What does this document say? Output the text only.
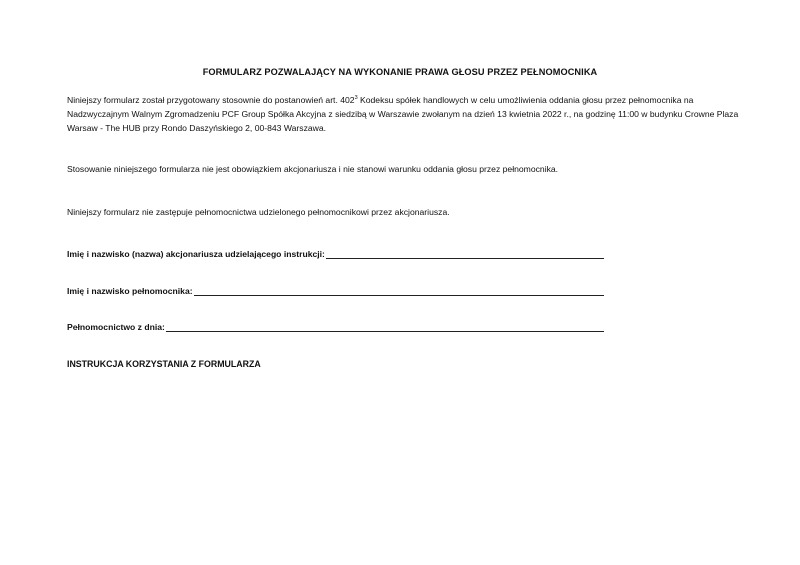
FORMULARZ POZWALAJĄCY NA WYKONANIE PRAWA GŁOSU PRZEZ PEŁNOMOCNIKA
Niniejszy formularz został przygotowany stosownie do postanowień art. $402^3$ Kodeksu spółek handlowych w celu umożliwienia oddania głosu przez pełnomocnika na Nadzwyczajnym Walnym Zgromadzeniu PCF Group Spółka Akcyjna z siedzibą w Warszawie zwołanym na dzień 13 kwietnia 2022 r., na godzinę 11:00 w budynku Crowne Plaza Warsaw - The HUB przy Rondo Daszyńskiego 2, 00-843 Warszawa.
Stosowanie niniejszego formularza nie jest obowiązkiem akcjonariusza i nie stanowi warunku oddania głosu przez pełnomocnika.
Niniejszy formularz nie zastępuje pełnomocnictwa udzielonego pełnomocnikowi przez akcjonariusza.
Imię i nazwisko (nazwa) akcjonariusza udzielającego instrukcji:
Imię i nazwisko pełnomocnika:
Pełnomocnictwo z dnia:
INSTRUKCJA KORZYSTANIA Z FORMULARZA
